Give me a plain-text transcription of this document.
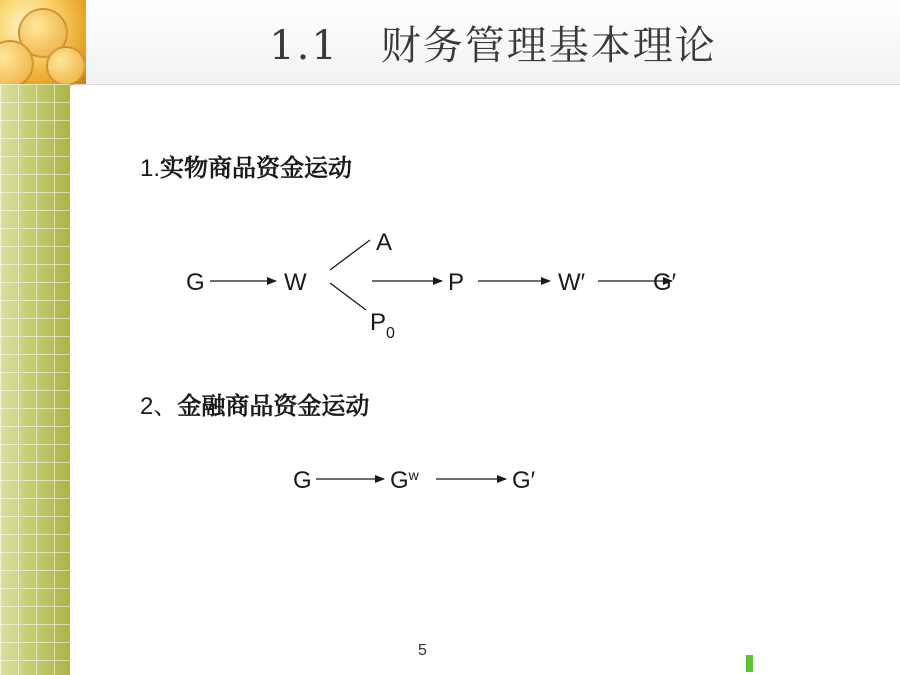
1.1　财务管理基本理论
1.实物商品资金运动
2、金融商品资金运动
G	W
A
$P_0$
P	W′	G′
G	$G^w$	G′
5
